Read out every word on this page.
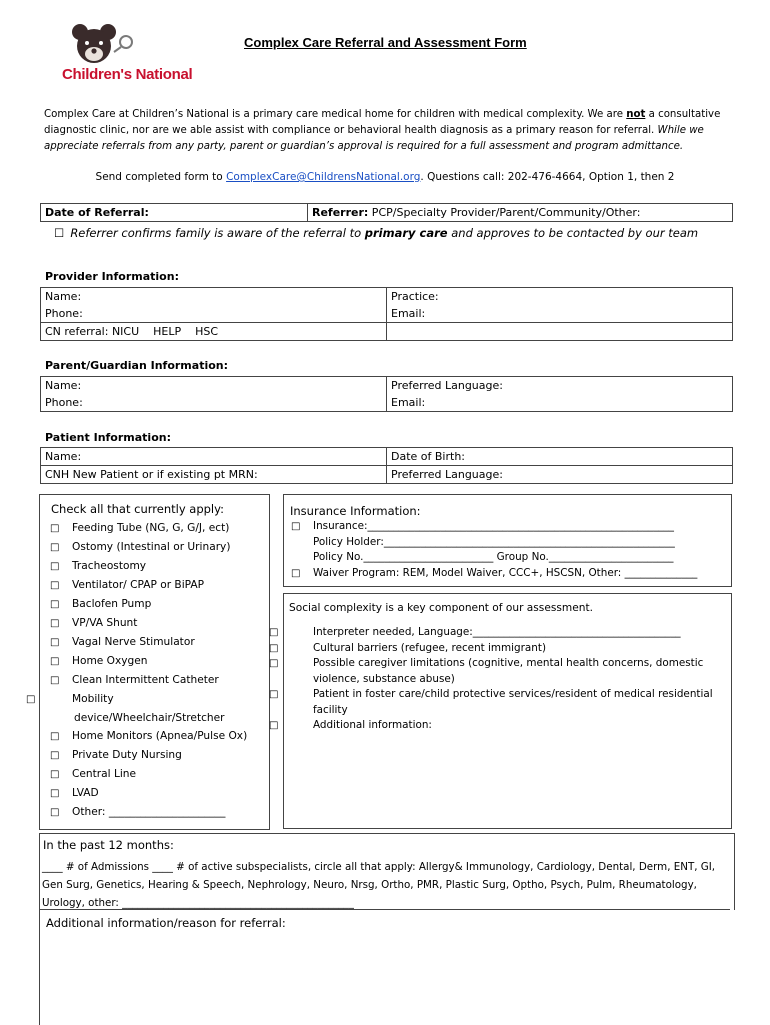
Children's National
Complex Care Referral and Assessment Form
Complex Care at Children’s National is a primary care medical home for children with medical complexity. We are not a consultative diagnostic clinic, nor are we able assist with compliance or behavioral health diagnosis as a primary reason for referral. While we appreciate referrals from any party, parent or guardian’s approval is required for a full assessment and program admittance.
Send completed form to ComplexCare@ChildrensNational.org. Questions call: 202-476-4664, Option 1, then 2
Date of Referral:	Referrer: PCP/Specialty Provider/Parent/Community/Other:
☐ Referrer confirms family is aware of the referral to primary care and approves to be contacted by our team
Provider Information:
Name:	Practice:
Phone:	Email:
CN referral: NICU    HELP    HSC	
Parent/Guardian Information:
Name:	Preferred Language:
Phone:	Email:
Patient Information:
Name:	Date of Birth:
CNH New Patient or if existing pt MRN:	Preferred Language:
Check all that currently apply:
□ Feeding Tube (NG, G, G/J, ect)
□ Ostomy (Intestinal or Urinary)
□ Tracheostomy
□ Ventilator/ CPAP or BiPAP
□ Baclofen Pump
□ VP/VA Shunt
□ Vagal Nerve Stimulator
□ Home Oxygen
□ Clean Intermittent Catheter
□	Mobility device/Wheelchair/Stretcher
□ Home Monitors (Apnea/Pulse Ox)
□ Private Duty Nursing
□ Central Line
□ LVAD
□ Other: ______________________
Insurance Information:
□ Insurance:___________________________________________________________
Policy Holder:________________________________________________________
Policy No._________________________ Group No.________________________
□ Waiver Program: REM, Model Waiver, CCC+, HSCSN, Other: ______________
Social complexity is a key component of our assessment.
□	Interpreter needed, Language:________________________________________
□	Cultural barriers (refugee, recent immigrant)
□	Possible caregiver limitations (cognitive, mental health concerns, domestic violence, substance abuse)
□	Patient in foster care/child protective services/resident of medical residential facility
□	Additional information:
In the past 12 months:
____ # of Admissions ____ # of active subspecialists, circle all that apply: Allergy& Immunology, Cardiology, Dental, Derm, ENT, GI,
Gen Surg, Genetics, Hearing & Speech, Nephrology, Neuro, Nrsg, Ortho, PMR, Plastic Surg, Optho, Psych, Pulm, Rheumatology,
Urology, other: _____________________________________________
Additional information/reason for referral:
